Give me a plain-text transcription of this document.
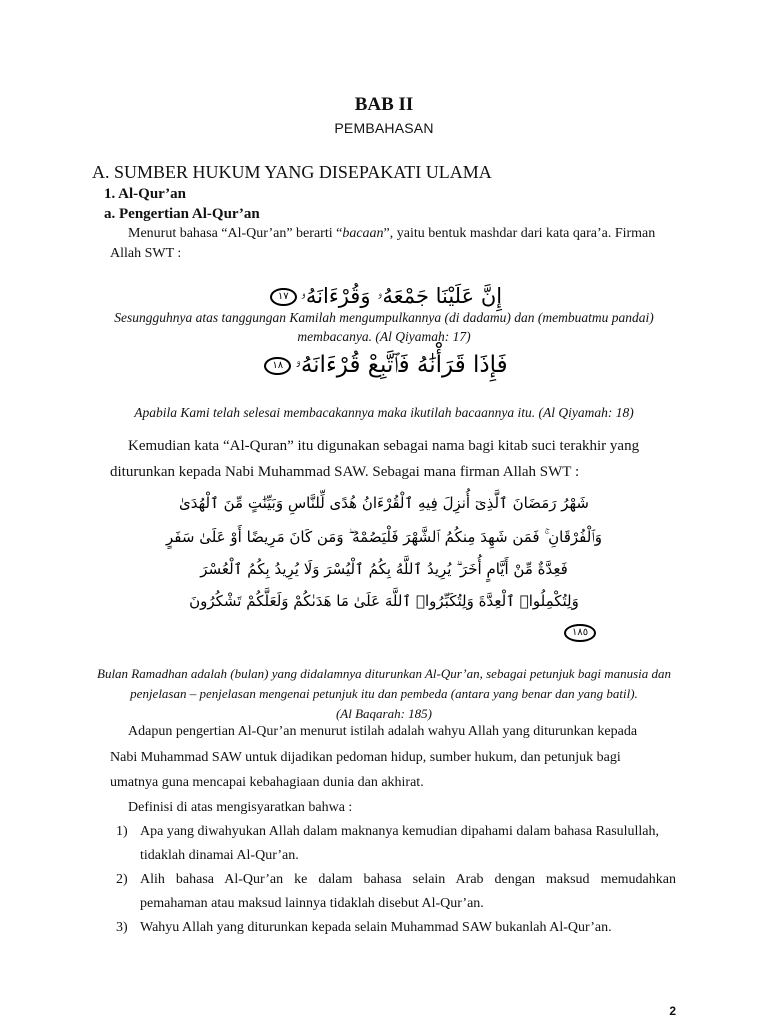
BAB II
PEMBAHASAN
A. SUMBER HUKUM YANG DISEPAKATI ULAMA
1. Al-Qur’an
a. Pengertian Al-Qur’an
Menurut bahasa “Al-Qur’an” berarti “bacaan”, yaitu bentuk mashdar dari kata qara’a. Firman
Allah SWT :
إِنَّ عَلَيْنَا جَمْعَهُۥ وَقُرْءَانَهُۥ١٧
Sesungguhnya atas tanggungan Kamilah mengumpulkannya (di dadamu) dan (membuatmu pandai)
membacanya. (Al Qiyamah: 17)
فَإِذَا قَرَأْنَٰهُ فَٱتَّبِعْ قُرْءَانَهُۥ١٨
Apabila Kami telah selesai membacakannya maka ikutilah bacaannya itu. (Al Qiyamah: 18)
Kemudian kata “Al-Quran” itu digunakan sebagai nama bagi kitab suci terakhir yang
diturunkan kepada Nabi Muhammad SAW. Sebagai mana firman Allah SWT :
شَهْرُ رَمَضَانَ ٱلَّذِىٓ أُنزِلَ فِيهِ ٱلْقُرْءَانُ هُدًى لِّلنَّاسِ وَبَيِّنَٰتٍ مِّنَ ٱلْهُدَىٰ
وَٱلْفُرْقَانِ ۚ فَمَن شَهِدَ مِنكُمُ ٱلشَّهْرَ فَلْيَصُمْهُ ۖ وَمَن كَانَ مَرِيضًا أَوْ عَلَىٰ سَفَرٍ
فَعِدَّةٌ مِّنْ أَيَّامٍ أُخَرَ ۗ يُرِيدُ ٱللَّهُ بِكُمُ ٱلْيُسْرَ وَلَا يُرِيدُ بِكُمُ ٱلْعُسْرَ
وَلِتُكْمِلُوا۟ ٱلْعِدَّةَ وَلِتُكَبِّرُوا۟ ٱللَّهَ عَلَىٰ مَا هَدَىٰكُمْ وَلَعَلَّكُمْ تَشْكُرُونَ
١٨٥
Bulan Ramadhan adalah (bulan) yang didalamnya diturunkan Al-Qur’an, sebagai petunjuk bagi manusia dan
penjelasan – penjelasan mengenai petunjuk itu dan pembeda (antara yang benar dan yang batil).
(Al Baqarah: 185)
Adapun pengertian Al-Qur’an menurut istilah adalah wahyu Allah yang diturunkan kepada
Nabi Muhammad SAW untuk dijadikan pedoman hidup, sumber hukum, dan petunjuk bagi
umatnya guna mencapai kebahagiaan dunia dan akhirat.
Definisi di atas mengisyaratkan bahwa :
1) Apa yang diwahyukan Allah dalam maknanya kemudian dipahami dalam bahasa Rasulullah,
tidaklah dinamai Al-Qur’an.
2) Alih bahasa Al-Qur’an ke dalam bahasa selain Arab dengan maksud memudahkan
pemahaman atau maksud lainnya tidaklah disebut Al-Qur’an.
3) Wahyu Allah yang diturunkan kepada selain Muhammad SAW bukanlah Al-Qur’an.
2
